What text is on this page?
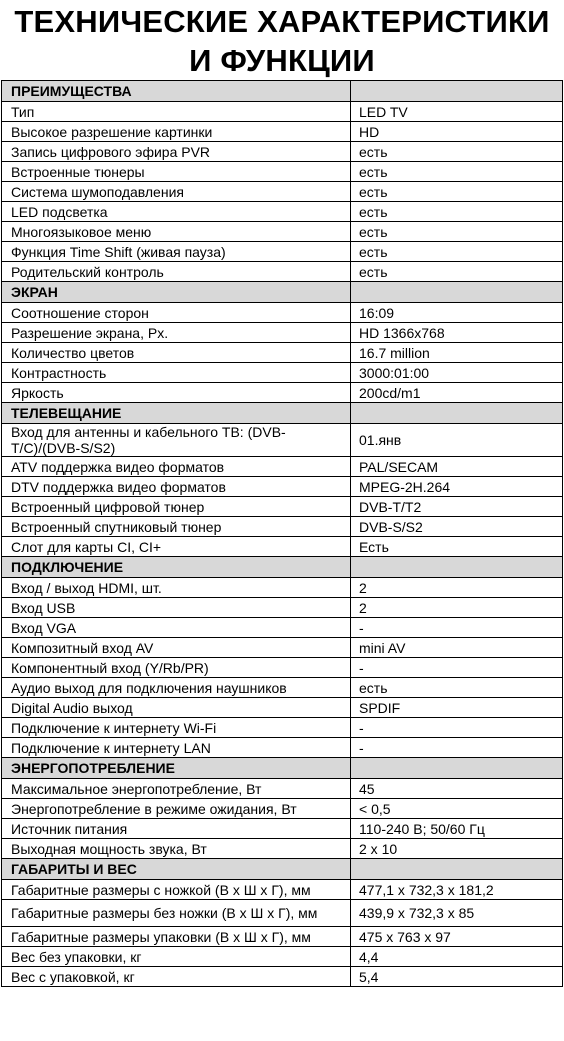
ТЕХНИЧЕСКИЕ ХАРАКТЕРИСТИКИ
И ФУНКЦИИ
ПРЕИМУЩЕСТВА	
Тип	LED TV
Высокое разрешение картинки	HD
Запись цифрового эфира PVR	есть
Встроенные тюнеры	есть
Система шумоподавления	есть
LED подсветка	есть
Многоязыковое меню	есть
Функция Time Shift (живая пауза)	есть
Родительский контроль	есть
ЭКРАН	
Соотношение сторон	16:09
Разрешение экрана, Px.	HD 1366x768
Количество цветов	16.7 million
Контрастность	3000:01:00
Яркость	200cd/m1
ТЕЛЕВЕЩАНИЕ	
Вход для антенны и кабельного ТВ: (DVB-T/C)/(DVB-S/S2)	01.янв
ATV поддержка видео форматов	PAL/SECAM
DTV поддержка видео форматов	MPEG-2H.264
Встроенный цифровой тюнер	DVB-T/T2
Встроенный спутниковый тюнер	DVB-S/S2
Слот для карты CI, CI+	Есть
ПОДКЛЮЧЕНИЕ	
Вход / выход HDMI, шт.	2
Вход USB	2
Вход VGA	-
Композитный вход AV	mini AV
Компонентный вход (Y/Rb/PR)	-
Аудио выход для подключения наушников	есть
Digital Audio выход	SPDIF
Подключение к интернету Wi-Fi	-
Подключение к интернету LAN	-
ЭНЕРГОПОТРЕБЛЕНИЕ	
Максимальное энергопотребление, Вт	45
Энергопотребление в режиме ожидания, Вт	< 0,5
Источник питания	110-240 В; 50/60 Гц
Выходная мощность звука, Вт	2 x 10
ГАБАРИТЫ И ВЕС	
Габаритные размеры с ножкой (В х Ш х Г), мм	477,1 x 732,3 x 181,2
Габаритные размеры без ножки (В х Ш х Г), мм	439,9 x 732,3 x 85
Габаритные размеры упаковки (В х Ш х Г), мм	475 x 763 x 97
Вес без упаковки, кг	4,4
Вес с упаковкой, кг	5,4
